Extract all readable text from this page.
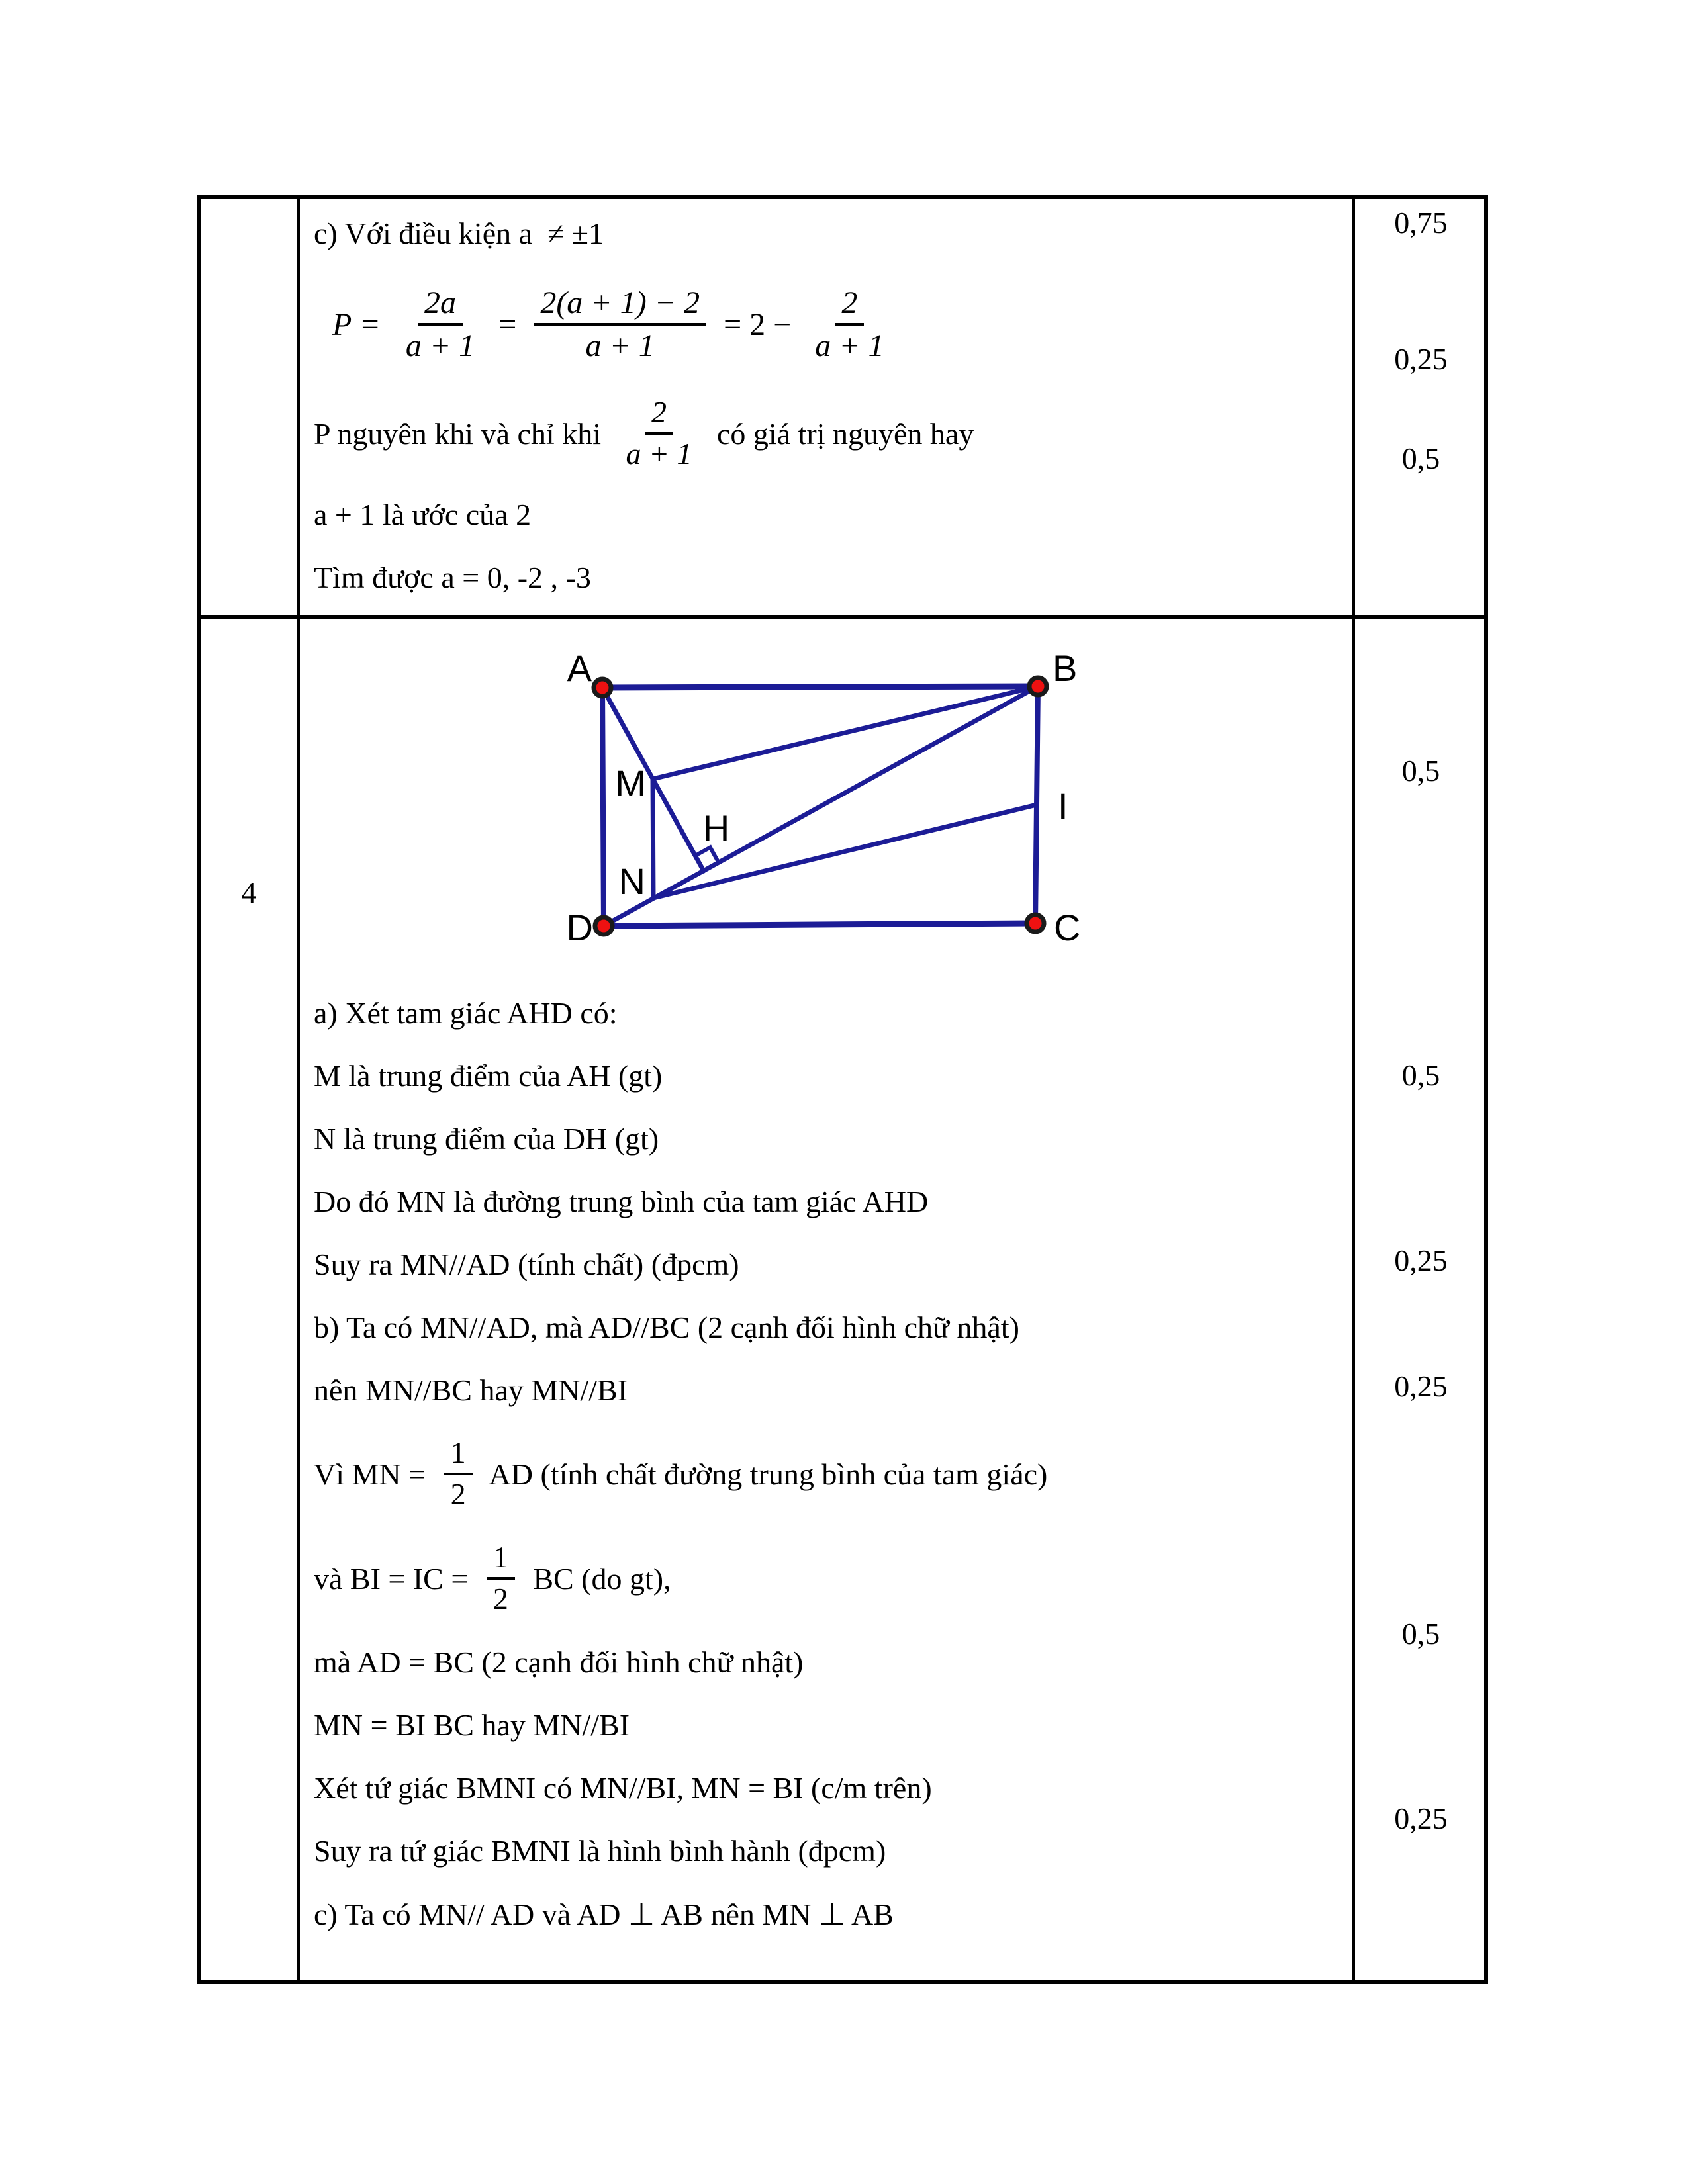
c) Với điều kiện a  ≠ ±1
$P = \frac{2a}{a + 1} = \frac{2(a + 1) - 2}{a + 1} = 2 - \frac{2}{a + 1}$
P nguyên khi và chỉ khi $\frac{2}{a + 1}$ có giá trị nguyên hay
a + 1 là ước của 2
Tìm được a = 0, -2 , -3
0,75
0,25
0,5
4
A	B
C
D
M
N
H
I
a) Xét tam giác AHD có:
M là trung điểm của AH (gt)
N là trung điểm của DH (gt)
Do đó MN là đường trung bình của tam giác AHD
Suy ra MN//AD (tính chất) (đpcm)
b) Ta có MN//AD, mà AD//BC (2 cạnh đối hình chữ nhật)
nên MN//BC hay MN//BI
Vì MN = $\frac{1}{2}$ AD (tính chất đường trung bình của tam giác)
và BI = IC = $\frac{1}{2}$ BC (do gt),
mà AD = BC (2 cạnh đối hình chữ nhật)
MN = BI BC hay MN//BI
Xét tứ giác BMNI có MN//BI, MN = BI (c/m trên)
Suy ra tứ giác BMNI là hình bình hành (đpcm)
c) Ta có MN// AD và AD ⊥ AB nên MN ⊥ AB
0,5
0,5
0,25
0,25
0,5
0,25
